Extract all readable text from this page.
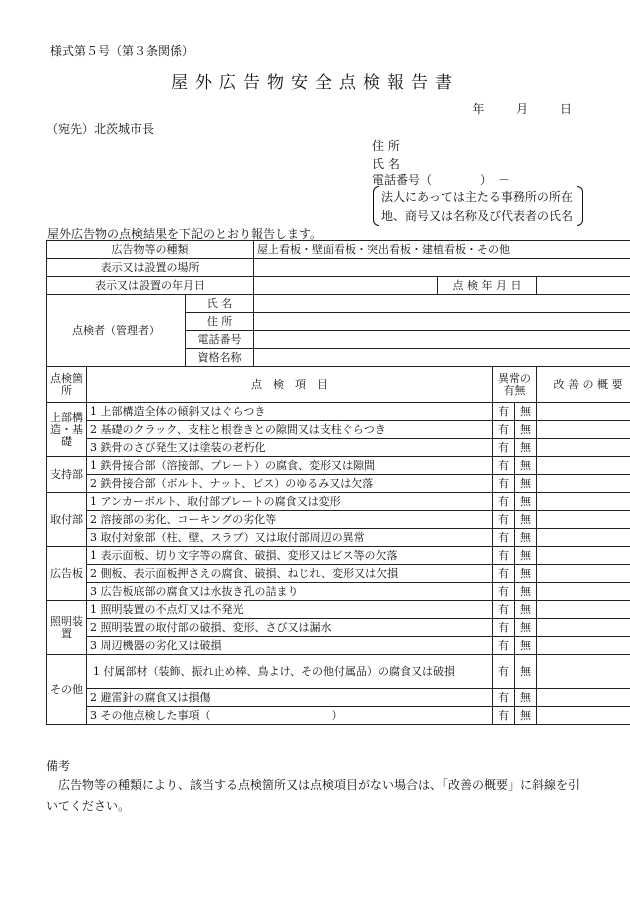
様式第５号（第３条関係）
屋外広告物安全点検報告書
年 月 日
（宛先）北茨城市長
住 所
氏 名
電話番号（　　　　）　－
法人にあっては主たる事務所の所在
地、商号又は名称及び代表者の氏名
屋外広告物の点検結果を下記のとおり報告します。
広告物等の種類			屋上看板・壁面看板・突出看板・建植看板・その他				
表示又は設置の場所							
表示又は設置の年月日				点 検 年 月 日			
点検者（管理者）		氏 名					
		住 所					
		電話番号					
		資格名称					
点検箇所	点　検　項　目				異常の有無		改 善 の 概 要
上部構造・基礎	1 上部構造全体の傾斜又はぐらつき				有	無	
	2 基礎のクラック、支柱と根巻きとの隙間又は支柱ぐらつき				有	無	
	3 鉄骨のさび発生又は塗装の老朽化				有	無	
支持部	1 鉄骨接合部（溶接部、プレート）の腐食、変形又は隙間				有	無	
	2 鉄骨接合部（ボルト、ナット、ビス）のゆるみ又は欠落				有	無	
取付部	1 アンカーボルト、取付部プレートの腐食又は変形				有	無	
	2 溶接部の劣化、コーキングの劣化等				有	無	
	3 取付対象部（柱、壁、スラブ）又は取付部周辺の異常				有	無	
広告板	1 表示面板、切り文字等の腐食、破損、変形又はビス等の欠落				有	無	
	2 側板、表示面板押さえの腐食、破損、ねじれ、変形又は欠損				有	無	
	3 広告板底部の腐食又は水抜き孔の詰まり				有	無	
照明装置	1 照明装置の不点灯又は不発光				有	無	
	2 照明装置の取付部の破損、変形、さび又は漏水				有	無	
	3 周辺機器の劣化又は破損				有	無	
その他	1 付属部材（装飾、振れ止め棒、鳥よけ、その他付属品）の腐食又は破損				有	無	
	2 避雷針の腐食又は損傷				有	無	
	3 その他点検した事項（　　　　　　　　　　　）				有	無	
備考
広告物等の種類により、該当する点検箇所又は点検項目がない場合は、「改善の概要」に斜線を引いてください。
